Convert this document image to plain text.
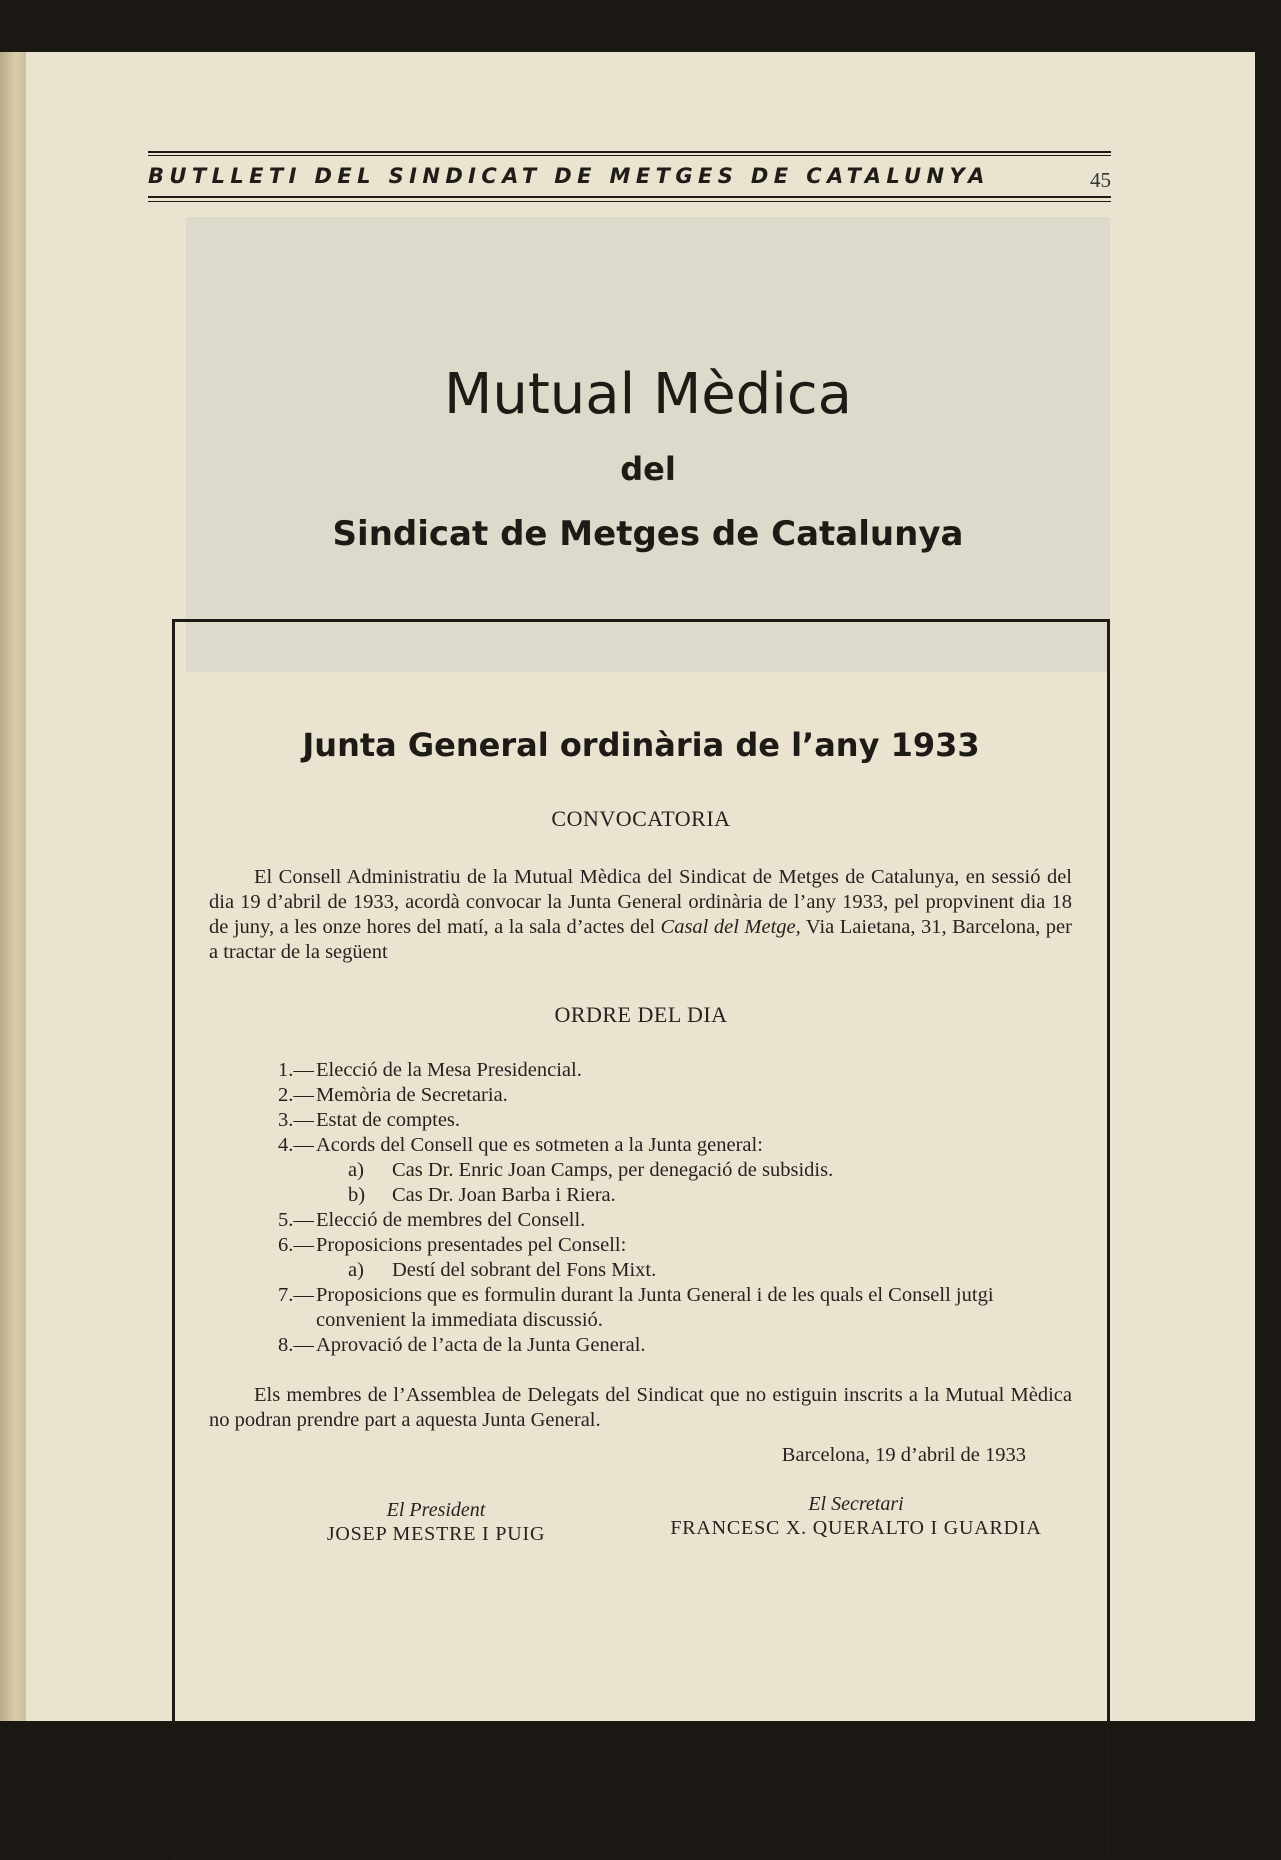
BUTLLETI DEL SINDICAT DE METGES DE CATALUNYA	45
Mutual Mèdica
del
Sindicat de Metges de Catalunya
Junta General ordinària de l’any 1933
CONVOCATORIA
El Consell Administratiu de la Mutual Mèdica del Sindicat de Metges de Catalunya, en sessió del dia 19 d’abril de 1933, acordà convocar la Junta General ordinària de l’any 1933, pel propvinent dia 18 de juny, a les onze hores del matí, a la sala d’actes del Casal del Metge, Via Laietana, 31, Barcelona, per a tractar de la següent
ORDRE DEL DIA
1.— Elecció de la Mesa Presidencial.
2.— Memòria de Secretaria.
3.— Estat de comptes.
4.— Acords del Consell que es sotmeten a la Junta general:
a) Cas Dr. Enric Joan Camps, per denegació de subsidis.
b) Cas Dr. Joan Barba i Riera.
5.— Elecció de membres del Consell.
6.— Proposicions presentades pel Consell:
a) Destí del sobrant del Fons Mixt.
7.— Proposicions que es formulin durant la Junta General i de les quals el Consell jutgi convenient la immediata discussió.
8.— Aprovació de l’acta de la Junta General.
Els membres de l’Assemblea de Delegats del Sindicat que no estiguin inscrits a la Mutual Mèdica no podran prendre part a aquesta Junta General.
Barcelona, 19 d’abril de 1933
El President
JOSEP MESTRE I PUIG
El Secretari
FRANCESC X. QUERALTO I GUARDIA
